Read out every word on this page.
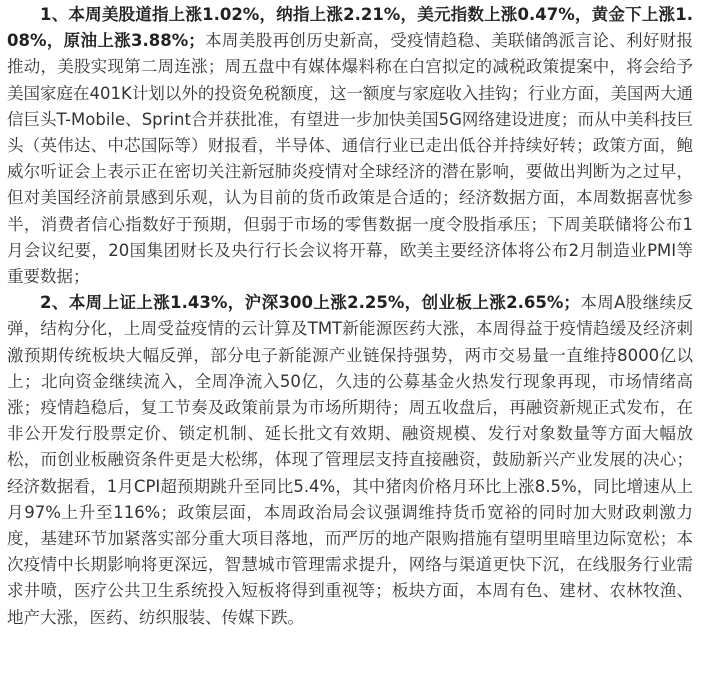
1、本周美股道指上涨1.02%，纳指上涨2.21%，美元指数上涨0.47%，黄金下上涨1.08%，原油上涨3.88%；本周美股再创历史新高，受疫情趋稳、美联储鸽派言论、利好财报推动，美股实现第二周连涨；周五盘中有媒体爆料称在白宫拟定的减税政策提案中，将会给予美国家庭在401K计划以外的投资免税额度，这一额度与家庭收入挂钩；行业方面，美国两大通信巨头T-Mobile、Sprint合并获批准，有望进一步加快美国5G网络建设进度；而从中美科技巨头（英伟达、中芯国际等）财报看，半导体、通信行业已走出低谷并持续好转；政策方面，鲍威尔听证会上表示正在密切关注新冠肺炎疫情对全球经济的潜在影响，要做出判断为之过早，但对美国经济前景感到乐观，认为目前的货币政策是合适的；经济数据方面，本周数据喜忧参半，消费者信心指数好于预期，但弱于市场的零售数据一度令股指承压；下周美联储将公布1月会议纪要，20国集团财长及央行行长会议将开幕，欧美主要经济体将公布2月制造业PMI等重要数据；

2、本周上证上涨1.43%，沪深300上涨2.25%，创业板上涨2.65%；本周A股继续反弹，结构分化，上周受益疫情的云计算及TMT新能源医药大涨，本周得益于疫情趋缓及经济刺激预期传统板块大幅反弹，部分电子新能源产业链保持强势，两市交易量一直维持8000亿以上；北向资金继续流入，全周净流入50亿，久违的公募基金火热发行现象再现，市场情绪高涨；疫情趋稳后，复工节奏及政策前景为市场所期待；周五收盘后，再融资新规正式发布，在非公开发行股票定价、锁定机制、延长批文有效期、融资规模、发行对象数量等方面大幅放松，而创业板融资条件更是大松绑，体现了管理层支持直接融资，鼓励新兴产业发展的决心；经济数据看，1月CPI超预期跳升至同比5.4%，其中猪肉价格月环比上涨8.5%，同比增速从上月97%上升至116%；政策层面，本周政治局会议强调维持货币宽裕的同时加大财政刺激力度，基建环节加紧落实部分重大项目落地，而严厉的地产限购措施有望明里暗里边际宽松；本次疫情中长期影响将更深远，智慧城市管理需求提升，网络与渠道更快下沉，在线服务行业需求井喷，医疗公共卫生系统投入短板将得到重视等；板块方面，本周有色、建材、农林牧渔、地产大涨，医药、纺织服装、传媒下跌。
